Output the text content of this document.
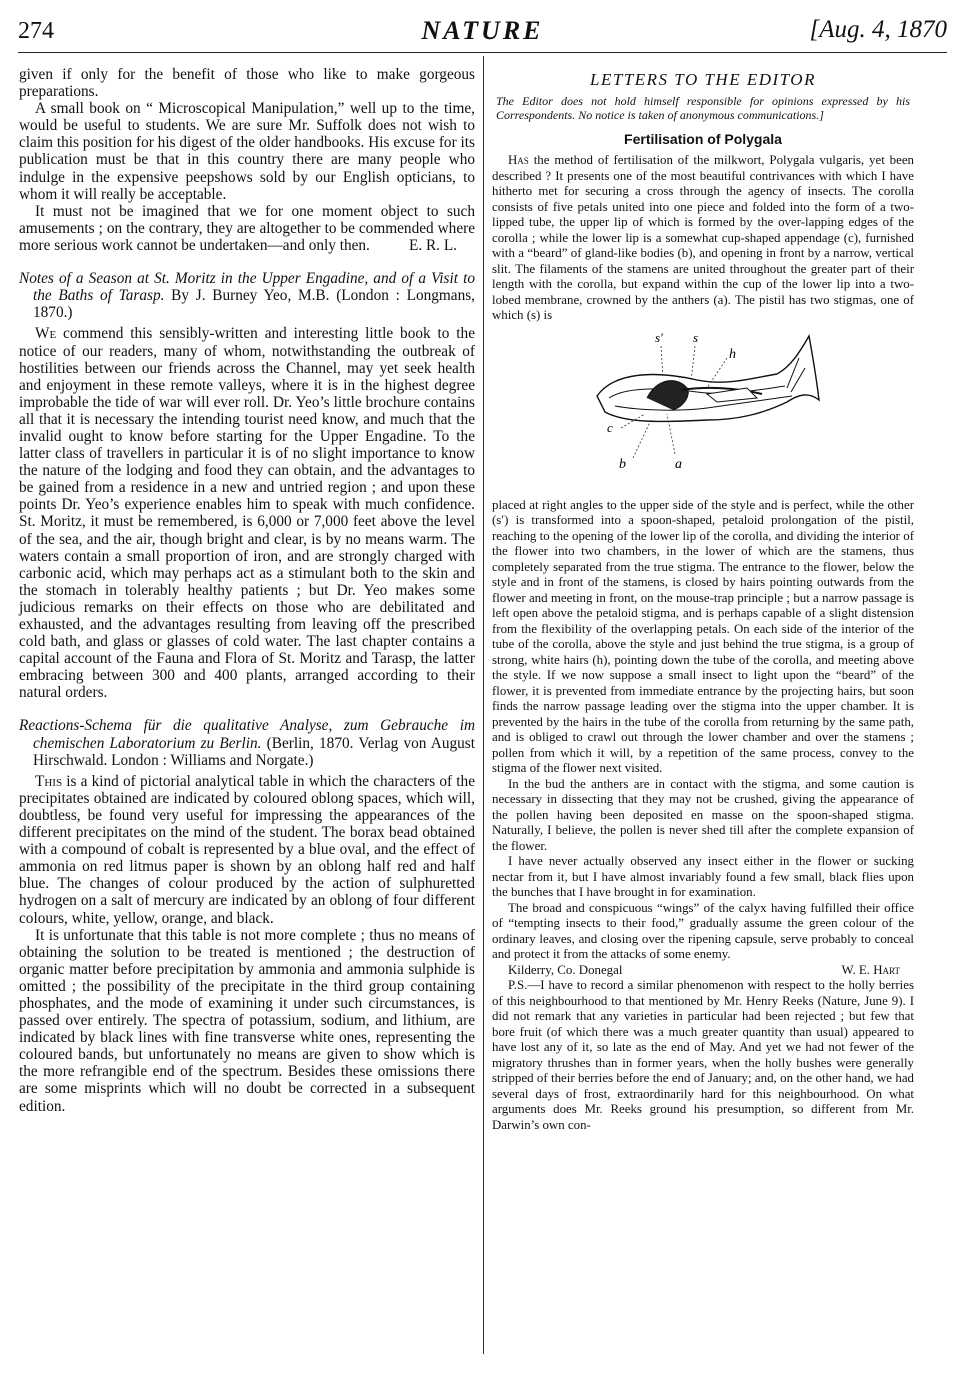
274	NATURE	[Aug. 4, 1870

given if only for the benefit of those who like to make gorgeous preparations.

A small book on “ Microscopical Manipulation,” well up to the time, would be useful to students. We are sure Mr. Suffolk does not wish to claim this position for his digest of the older handbooks. His excuse for its publication must be that in this country there are many people who indulge in the expensive peepshows sold by our English opticians, to whom it will really be acceptable.

It must not be imagined that we for one moment object to such amusements ; on the contrary, they are altogether to be commended where more serious work cannot be undertaken—and only then.	E. R. L.

Notes of a Season at St. Moritz in the Upper Engadine, and of a Visit to the Baths of Tarasp. By J. Burney Yeo, M.B. (London : Longmans, 1870.)

We commend this sensibly-written and interesting little book to the notice of our readers, many of whom, notwithstanding the outbreak of hostilities between our friends across the Channel, may yet seek health and enjoyment in these remote valleys, where it is in the highest degree improbable the tide of war will ever roll. Dr. Yeo’s little brochure contains all that it is necessary the intending tourist need know, and much that the invalid ought to know before starting for the Upper Engadine. To the latter class of travellers in particular it is of no slight importance to know the nature of the lodging and food they can obtain, and the advantages to be gained from a residence in a new and untried region ; and upon these points Dr. Yeo’s experience enables him to speak with much confidence. St. Moritz, it must be remembered, is 6,000 or 7,000 feet above the level of the sea, and the air, though bright and clear, is by no means warm. The waters contain a small proportion of iron, and are strongly charged with carbonic acid, which may perhaps act as a stimulant both to the skin and the stomach in tolerably healthy patients ; but Dr. Yeo makes some judicious remarks on their effects on those who are debilitated and exhausted, and the advantages resulting from leaving off the prescribed cold bath, and glass or glasses of cold water. The last chapter contains a capital account of the Fauna and Flora of St. Moritz and Tarasp, the latter embracing between 300 and 400 plants, arranged according to their natural orders.

Reactions-Schema für die qualitative Analyse, zum Gebrauche im chemischen Laboratorium zu Berlin. (Berlin, 1870. Verlag von August Hirschwald. London : Williams and Norgate.)

This is a kind of pictorial analytical table in which the characters of the precipitates obtained are indicated by coloured oblong spaces, which will, doubtless, be found very useful for impressing the appearances of the different precipitates on the mind of the student. The borax bead obtained with a compound of cobalt is represented by a blue oval, and the effect of ammonia on red litmus paper is shown by an oblong half red and half blue. The changes of colour produced by the action of sulphuretted hydrogen on a salt of mercury are indicated by an oblong of four different colours, white, yellow, orange, and black.

It is unfortunate that this table is not more complete ; thus no means of obtaining the solution to be treated is mentioned ; the destruction of organic matter before precipitation by ammonia and ammonia sulphide is omitted ; the possibility of the precipitate in the third group containing phosphates, and the mode of examining it under such circumstances, is passed over entirely. The spectra of potassium, sodium, and lithium, are indicated by black lines with fine transverse white ones, representing the coloured bands, but unfortunately no means are given to show which is the more refrangible end of the spectrum. Besides these omissions there are some misprints which will no doubt be corrected in a subsequent edition.

LETTERS TO THE EDITOR

The Editor does not hold himself responsible for opinions expressed by his Correspondents. No notice is taken of anonymous communications.]

Fertilisation of Polygala

Has the method of fertilisation of the milkwort, Polygala vulgaris, yet been described ? It presents one of the most beautiful contrivances with which I have hitherto met for securing a cross through the agency of insects. The corolla consists of five petals united into one piece and folded into the form of a two-lipped tube, the upper lip of which is formed by the over-lapping edges of the corolla ; while the lower lip is a somewhat cup-shaped appendage (c), furnished with a “beard” of gland-like bodies (b), and opening in front by a narrow, vertical slit. The filaments of the stamens are united throughout the greater part of their length with the corolla, but expand within the cup of the lower lip into a two-lobed membrane, crowned by the anthers (a). The pistil has two stigmas, one of which (s) is

s′ s
h
c
b	a

placed at right angles to the upper side of the style and is perfect, while the other (s′) is transformed into a spoon-shaped, petaloid prolongation of the pistil, reaching to the opening of the lower lip of the corolla, and dividing the interior of the flower into two chambers, in the lower of which are the stamens, thus completely separated from the true stigma. The entrance to the flower, below the style and in front of the stamens, is closed by hairs pointing outwards from the flower and meeting in front, on the mouse-trap principle ; but a narrow passage is left open above the petaloid stigma, and is perhaps capable of a slight distension from the flexibility of the overlapping petals. On each side of the interior of the tube of the corolla, above the style and just behind the true stigma, is a group of strong, white hairs (h), pointing down the tube of the corolla, and meeting above the style. If we now suppose a small insect to light upon the “beard” of the flower, it is prevented from immediate entrance by the projecting hairs, but soon finds the narrow passage leading over the stigma into the upper chamber. It is prevented by the hairs in the tube of the corolla from returning by the same path, and is obliged to crawl out through the lower chamber and over the stamens ; pollen from which it will, by a repetition of the same process, convey to the stigma of the flower next visited.

In the bud the anthers are in contact with the stigma, and some caution is necessary in dissecting that they may not be crushed, giving the appearance of the pollen having been deposited en masse on the spoon-shaped stigma. Naturally, I believe, the pollen is never shed till after the complete expansion of the flower.

I have never actually observed any insect either in the flower or sucking nectar from it, but I have almost invariably found a few small, black flies upon the bunches that I have brought in for examination.

The broad and conspicuous “wings” of the calyx having fulfilled their office of “tempting insects to their food,” gradually assume the green colour of the ordinary leaves, and closing over the ripening capsule, serve probably to conceal and protect it from the attacks of some enemy.

Kilderry, Co. Donegal	W. E. Hart

P.S.—I have to record a similar phenomenon with respect to the holly berries of this neighbourhood to that mentioned by Mr. Henry Reeks (Nature, June 9). I did not remark that any varieties in particular had been rejected ; but few that bore fruit (of which there was a much greater quantity than usual) appeared to have lost any of it, so late as the end of May. And yet we had not fewer of the migratory thrushes than in former years, when the holly bushes were generally stripped of their berries before the end of January; and, on the other hand, we had several days of frost, extraordinarily hard for this neighbourhood. On what arguments does Mr. Reeks ground his presumption, so different from Mr. Darwin’s own con-
